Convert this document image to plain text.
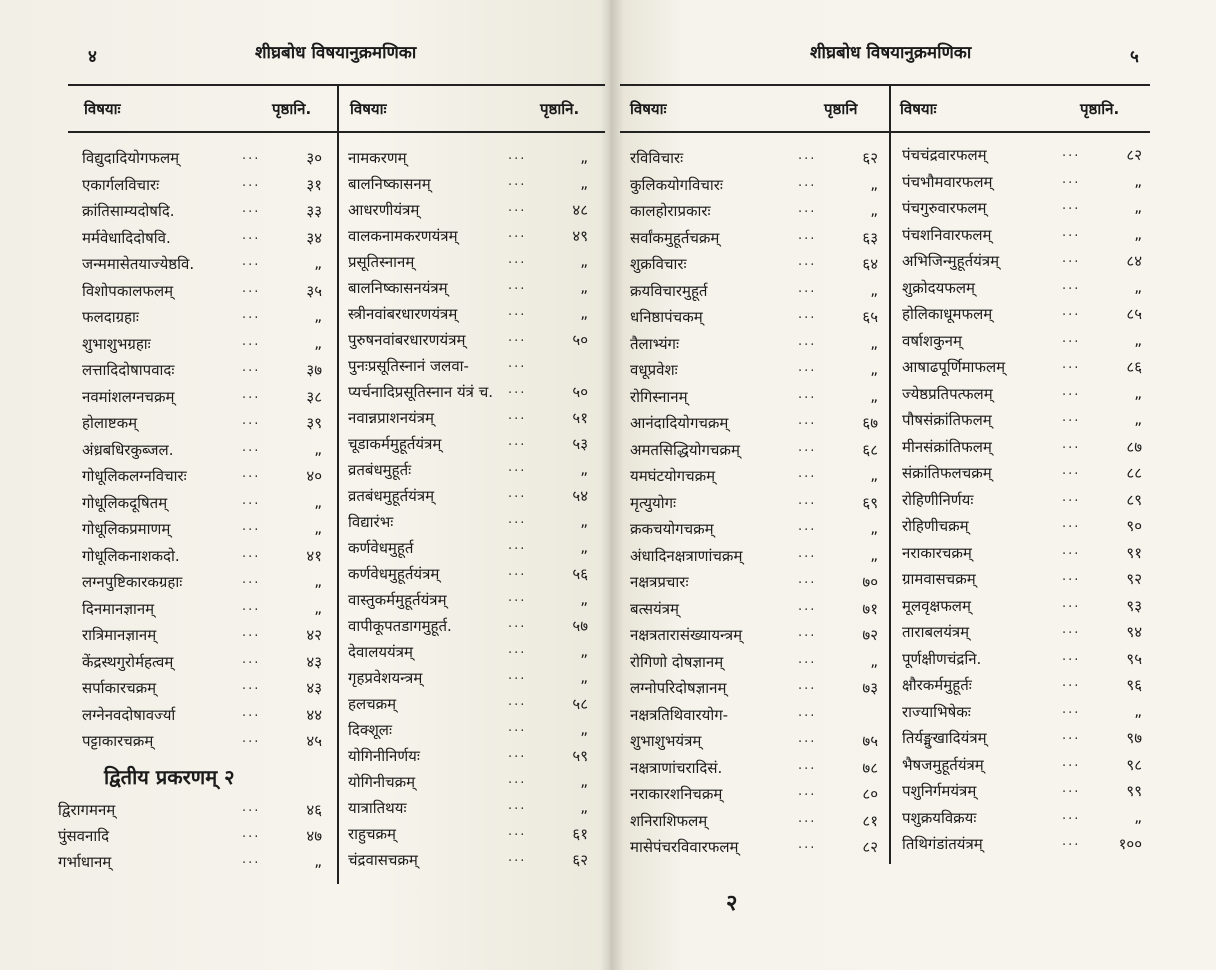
४	शीघ्रबोध विषयानुक्रमणिका	शीघ्रबोध विषयानुक्रमणिका	५
विषयाः	पृष्ठानि.	विषयाः	पृष्ठानि.	विषयाः	पृष्ठानि	विषयाः	पृष्ठानि.
विद्युदादियोगफलम्	...	३०
एकार्गलविचारः	...	३१
क्रांतिसाम्यदोषदि.	...	३३
मर्मवेधादिदोषवि.	...	३४
जन्ममासेतयाज्येष्ठवि.	...	„
विशोपकालफलम्	...	३५
फलदाग्रहाः	...	„
शुभाशुभग्रहाः	...	„
लत्तादिदोषापवादः	...	३७
नवमांशलग्नचक्रम्	...	३८
होलाष्टकम्	...	३९
अंध्रबधिरकुब्जल.	...	„
गोधूलिकलग्नविचारः	...	४०
गोधूलिकदूषितम्	...	„
गोधूलिकप्रमाणम्	...	„
गोधूलिकनाशकदो.	...	४१
लग्नपुष्टिकारकग्रहाः	...	„
दिनमानज्ञानम्	...	„
रात्रिमानज्ञानम्	...	४२
केंद्रस्थगुरोर्महत्वम्	...	४३
सर्पाकारचक्रम्	...	४३
लग्नेनवदोषावर्ज्या	...	४४
पट्टाकारचक्रम्	...	४५
द्विरागमनम्	...	४६
पुंसवनादि	...	४७
गर्भाधानम्	...	„
नामकरणम्	...	„
बालनिष्कासनम्	...	„
आधरणीयंत्रम्	...	४८
वालकनामकरणयंत्रम्	...	४९
प्रसूतिस्नानम्	...	„
बालनिष्कासनयंत्रम्	...	„
स्त्रीनवांबरधारणयंत्रम्	...	„
पुरुषनवांबरधारणयंत्रम्	...	५०
पुनःप्रसूतिस्नानं जलवा-	...
प्यर्चनादिप्रसूतिस्नान यंत्रं च. ...	५०
नवान्नप्राशनयंत्रम्	...	५१
चूडाकर्ममुहूर्तयंत्रम्	...	५३
व्रतबंधमुहूर्तः	...	„
व्रतबंधमुहूर्तयंत्रम्	...	५४
विद्यारंभः	...	„
कर्णवेधमुहूर्त	...	„
कर्णवेधमुहूर्तयंत्रम्	...	५६
वास्तुकर्ममुहूर्तयंत्रम्	...	„
वापीकूपतडागमुहूर्त.	...	५७
देवालययंत्रम्	...	„
गृहप्रवेशयन्त्रम्	...	„
हलचक्रम्	...	५८
दिक्शूलः	...	„
योगिनीनिर्णयः	...	५९
योगिनीचक्रम्	...	„
यात्रातिथयः	...	„
राहुचक्रम्	...	६१
चंद्रवासचक्रम्	...	६२
रविविचारः	...	६२
कुलिकयोगविचारः	...	„
कालहोराप्रकारः	...	„
सर्वांकमुहूर्तचक्रम्	...	६३
शुक्रविचारः	...	६४
क्रयविचारमुहूर्त	...	„
धनिष्ठापंचकम्	...	६५
तैलाभ्यंगः	...	„
वधूप्रवेशः	...	„
रोगिस्नानम्	...	„
आनंदादियोगचक्रम्	...	६७
अमतसिद्धियोगचक्रम्	...	६८
यमघंटयोगचक्रम्	...	„
मृत्युयोगः	...	६९
क्रकचयोगचक्रम्	...	„
अंधादिनक्षत्राणांचक्रम्	...	„
नक्षत्रप्रचारः	...	७०
बत्सयंत्रम्	...	७१
नक्षत्रतारासंख्यायन्त्रम्	...	७२
रोगिणो दोषज्ञानम्	...	„
लग्नोपरिदोषज्ञानम्	...	७३
नक्षत्रतिथिवारयोग-	...
शुभाशुभयंत्रम्	...	७५
नक्षत्राणांचरादिसं.	...	७८
नराकारशनिचक्रम्	...	८०
शनिराशिफलम्	...	८१
मासेपंचरविवारफलम्	...	८२
पंचचंद्रवारफलम्	...	८२
पंचभौमवारफलम्	...	„
पंचगुरुवारफलम्	...	„
पंचशनिवारफलम्	...	„
अभिजिन्मुहूर्तयंत्रम्	...	८४
शुक्रोदयफलम्	...	„
होलिकाधूमफलम्	...	८५
वर्षाशकुनम्	...	„
आषाढपूर्णिमाफलम्	...	८६
ज्येष्ठप्रतिपत्फलम्	...	„
पौषसंक्रांतिफलम्	...	„
मीनसंक्रांतिफलम्	...	८७
संक्रांतिफलचक्रम्	...	८८
रोहिणीनिर्णयः	...	८९
रोहिणीचक्रम्	...	९०
नराकारचक्रम्	...	९१
ग्रामवासचक्रम्	...	९२
मूलवृक्षफलम्	...	९३
ताराबलयंत्रम्	...	९४
पूर्णक्षीणचंद्रनि.	...	९५
क्षौरकर्ममुहूर्तः	...	९६
राज्याभिषेकः	...	„
तिर्यङ्मुखादियंत्रम्	...	९७
भैषजमुहूर्तयंत्रम्	...	९८
पशुनिर्गमयंत्रम्	...	९९
पशुक्रयविक्रयः	...	„
तिथिगंडांतयंत्रम्	...	१००
द्वितीय प्रकरणम् २
२
